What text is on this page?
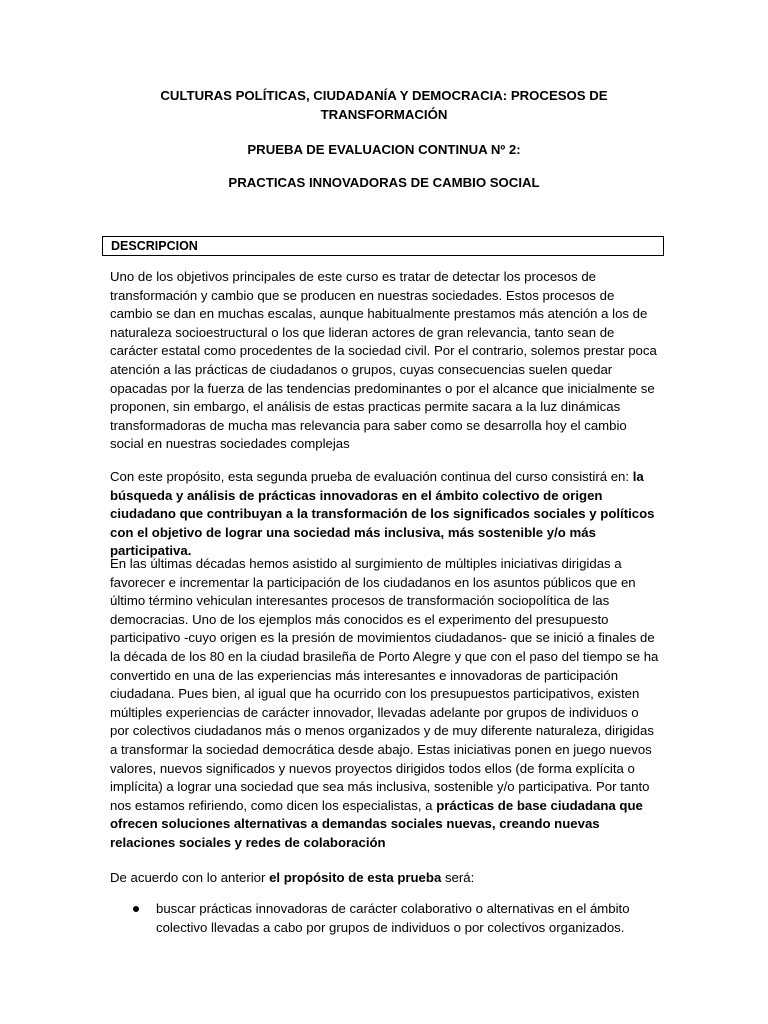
CULTURAS POLÍTICAS, CIUDADANÍA Y DEMOCRACIA: PROCESOS DE TRANSFORMACIÓN

PRUEBA DE EVALUACION CONTINUA Nº 2:

PRACTICAS INNOVADORAS DE CAMBIO SOCIAL

DESCRIPCION

Uno de los objetivos principales de este curso es tratar de detectar los procesos de transformación y cambio que se producen en nuestras sociedades. Estos procesos de cambio se dan en muchas escalas, aunque habitualmente prestamos más atención a los de naturaleza socioestructural o los que lideran actores de gran relevancia, tanto sean de carácter estatal como procedentes de la sociedad civil. Por el contrario, solemos prestar poca atención a las prácticas de ciudadanos o grupos, cuyas consecuencias suelen quedar opacadas por la fuerza de las tendencias predominantes o por el alcance que inicialmente se proponen, sin embargo, el análisis de estas practicas permite sacara a la luz dinámicas transformadoras de mucha mas relevancia para saber como se desarrolla hoy el cambio social en nuestras sociedades complejas

Con este propósito, esta segunda prueba de evaluación continua del curso consistirá en: la búsqueda y análisis de prácticas innovadoras en el ámbito colectivo de origen ciudadano que contribuyan a la transformación de los significados sociales y políticos con el objetivo de lograr una sociedad más inclusiva, más sostenible y/o más participativa.

En las últimas décadas hemos asistido al surgimiento de múltiples iniciativas dirigidas a favorecer e incrementar la participación de los ciudadanos en los asuntos públicos que en último término vehiculan interesantes procesos de transformación sociopolítica de las democracias. Uno de los ejemplos más conocidos es el experimento del presupuesto participativo -cuyo origen es la presión de movimientos ciudadanos- que se inició a finales de la década de los 80 en la ciudad brasileña de Porto Alegre y que con el paso del tiempo se ha convertido en una de las experiencias más interesantes e innovadoras de participación ciudadana. Pues bien, al igual que ha ocurrido con los presupuestos participativos, existen múltiples experiencias de carácter innovador, llevadas adelante por grupos de individuos o por colectivos ciudadanos más o menos organizados y de muy diferente naturaleza, dirigidas a transformar la sociedad democrática desde abajo. Estas iniciativas ponen en juego nuevos valores, nuevos significados y nuevos proyectos dirigidos todos ellos (de forma explícita o implícita) a lograr una sociedad que sea más inclusiva, sostenible y/o participativa. Por tanto nos estamos refiriendo, como dicen los especialistas, a prácticas de base ciudadana que ofrecen soluciones alternativas a demandas sociales nuevas, creando nuevas relaciones sociales y redes de colaboración

De acuerdo con lo anterior el propósito de esta prueba será:

buscar prácticas innovadoras de carácter colaborativo o alternativas en el ámbito colectivo llevadas a cabo por grupos de individuos o por colectivos organizados.
